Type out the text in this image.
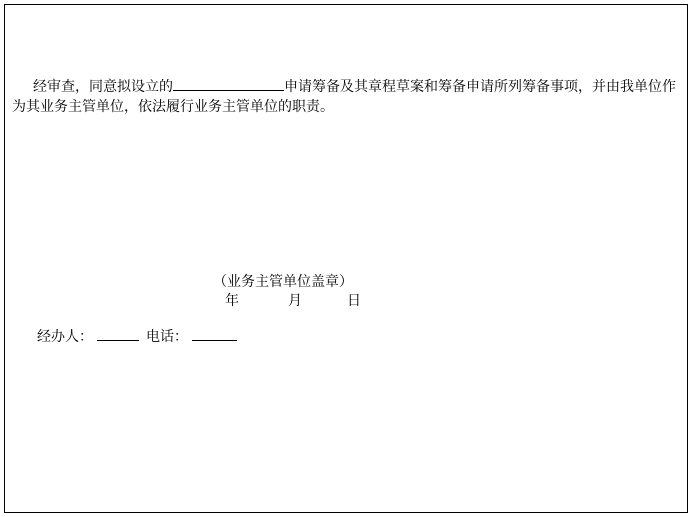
经审查，同意拟设立的	申请筹备及其章程草案和筹备申请所列筹备事项，并由我单位作
为其业务主管单位，依法履行业务主管单位的职责。
（业务主管单位盖章）
年	月	日
经办人：	电话：
